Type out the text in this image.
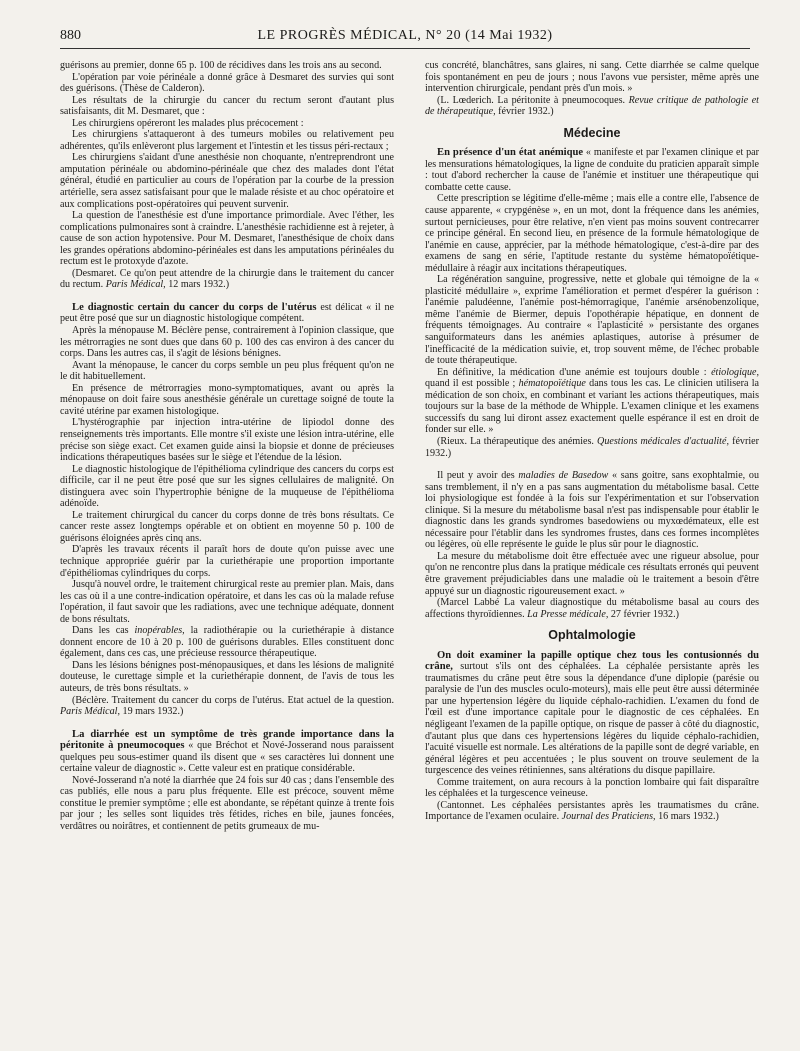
880	LE PROGRÈS MÉDICAL, N° 20 (14 Mai 1932)

guérisons au premier, donne 65 p. 100 de récidives dans les trois ans au second.

L'opération par voie périnéale a donné grâce à Desmaret des survies qui sont des guérisons. (Thèse de Calderon).

Les résultats de la chirurgie du cancer du rectum seront d'autant plus satisfaisants, dit M. Desmaret, que :

Les chirurgiens opéreront les malades plus précocement :

Les chirurgiens s'attaqueront à des tumeurs mobiles ou relativement peu adhérentes, qu'ils enlèveront plus largement et l'intestin et les tissus péri-rectaux ;

Les chirurgiens s'aidant d'une anesthésie non choquante, n'entreprendront une amputation périnéale ou abdomino-périnéale que chez des malades dont l'état général, étudié en particulier au cours de l'opération par la courbe de la pression artérielle, sera assez satisfaisant pour que le malade résiste et au choc opératoire et aux complications post-opératoires qui peuvent survenir.

La question de l'anesthésie est d'une importance primordiale. Avec l'éther, les complications pulmonaires sont à craindre. L'anesthésie rachidienne est à rejeter, à cause de son action hypotensive. Pour M. Desmaret, l'anesthésique de choix dans les grandes opérations abdomino-périnéales est dans les amputations périnéales du rectum est le protoxyde d'azote.

(Desmaret. Ce qu'on peut attendre de la chirurgie dans le traitement du cancer du rectum. Paris Médical, 12 mars 1932.)

Le diagnostic certain du cancer du corps de l'utérus est délicat « il ne peut être posé que sur un diagnostic histologique compétent.

Après la ménopause M. Béclère pense, contrairement à l'opinion classique, que les métrorragies ne sont dues que dans 60 p. 100 des cas environ à des cancer du corps. Dans les autres cas, il s'agit de lésions bénignes.

Avant la ménopause, le cancer du corps semble un peu plus fréquent qu'on ne le dit habituellement.

En présence de métrorragies mono-symptomatiques, avant ou après la ménopause on doit faire sous anesthésie générale un curettage soigné de toute la cavité utérine par examen histologique.

L'hystérographie par injection intra-utérine de lipiodol donne des renseignements très importants. Elle montre s'il existe une lésion intra-utérine, elle précise son siège exact. Cet examen guide ainsi la biopsie et donne de précieuses indications thérapeutiques basées sur le siège et l'étendue de la lésion.

Le diagnostic histologique de l'épithélioma cylindrique des cancers du corps est difficile, car il ne peut être posé que sur les signes cellulaires de malignité. On distinguera avec soin l'hypertrophie bénigne de la muqueuse de l'épithélioma adénoïde.

Le traitement chirurgical du cancer du corps donne de très bons résultats. Ce cancer reste assez longtemps opérable et on obtient en moyenne 50 p. 100 de guérisons éloignées après cinq ans.

D'après les travaux récents il paraît hors de doute qu'on puisse avec une technique appropriée guérir par la curiethérapie une proportion importante d'épithéliomas cylindriques du corps.

Jusqu'à nouvel ordre, le traitement chirurgical reste au premier plan. Mais, dans les cas où il a une contre-indication opératoire, et dans les cas où la malade refuse l'opération, il faut savoir que les radiations, avec une technique adéquate, donnent de bons résultats.

Dans les cas inopérables, la radiothérapie ou la curiethérapie à distance donnent encore de 10 à 20 p. 100 de guérisons durables. Elles constituent donc également, dans ces cas, une précieuse ressource thérapeutique.

Dans les lésions bénignes post-ménopausiques, et dans les lésions de malignité douteuse, le curettage simple et la curiethérapie donnent, de l'avis de tous les auteurs, de très bons résultats. »

(Béclère. Traitement du cancer du corps de l'utérus. Etat actuel de la question. Paris Médical, 19 mars 1932.)

La diarrhée est un symptôme de très grande importance dans la péritonite à pneumocoques « que Bréchot et Nové-Josserand nous paraissent quelques peu sous-estimer quand ils disent que « ses caractères lui donnent une certaine valeur de diagnostic ». Cette valeur est en pratique considérable.

Nové-Josserand n'a noté la diarrhée que 24 fois sur 40 cas ; dans l'ensemble des cas publiés, elle nous a paru plus fréquente. Elle est précoce, souvent même constitue le premier symptôme ; elle est abondante, se répétant quinze à trente fois par jour ; les selles sont liquides très fétides, riches en bile, jaunes foncées, verdâtres ou noirâtres, et contiennent de petits grumeaux de mu-

cus concrété, blanchâtres, sans glaires, ni sang. Cette diarrhée se calme quelque fois spontanément en peu de jours ; nous l'avons vue persister, même après une intervention chirurgicale, pendant près d'un mois. »

(L. Lœderich. La péritonite à pneumocoques. Revue critique de pathologie et de thérapeutique, février 1932.)

Médecine

En présence d'un état anémique « manifeste et par l'examen clinique et par les mensurations hématologiques, la ligne de conduite du praticien apparaît simple : tout d'abord rechercher la cause de l'anémie et instituer une thérapeutique qui combatte cette cause.

Cette prescription se légitime d'elle-même ; mais elle a contre elle, l'absence de cause apparente, « crypgénèse », en un mot, dont la fréquence dans les anémies, surtout pernicieuses, pour être relative, n'en vient pas moins souvent contrecarrer ce principe général. En second lieu, en présence de la formule hématologique de l'anémie en cause, apprécier, par la méthode hématologique, c'est-à-dire par des examens de sang en série, l'aptitude restante du système hématopoïétique-médullaire à réagir aux incitations thérapeutiques.

La régénération sanguine, progressive, nette et globale qui témoigne de la « plasticité médullaire », exprime l'amélioration et permet d'espérer la guérison : l'anémie paludéenne, l'anémie post-hémorragique, l'anémie arsénobenzolique, même l'anémie de Biermer, depuis l'opothérapie hépatique, en donnent de fréquents témoignages. Au contraire « l'aplasticité » persistante des organes sanguiformateurs dans les anémies aplastiques, autorise à présumer de l'inefficacité de la médication suivie, et, trop souvent même, de l'échec probable de toute thérapeutique.

En définitive, la médication d'une anémie est toujours double : étiologique, quand il est possible ; hématopoïétique dans tous les cas. Le clinicien utilisera la médication de son choix, en combinant et variant les actions thérapeutiques, mais toujours sur la base de la méthode de Whipple. L'examen clinique et les examens successifs du sang lui diront assez exactement quelle espérance il est en droit de fonder sur elle. »

(Rieux. La thérapeutique des anémies. Questions médicales d'actualité, février 1932.)

Il peut y avoir des maladies de Basedow « sans goitre, sans exophtalmie, ou sans tremblement, il n'y en a pas sans augmentation du métabolisme basal. Cette loi physiologique est fondée à la fois sur l'expérimentation et sur l'observation clinique. Si la mesure du métabolisme basal n'est pas indispensable pour établir le diagnostic dans les grands syndromes basedowiens ou myxœdémateux, elle est nécessaire pour l'établir dans les syndromes frustes, dans ces formes incomplètes ou légères, où elle représente le guide le plus sûr pour le diagnostic.

La mesure du métabolisme doit être effectuée avec une rigueur absolue, pour qu'on ne rencontre plus dans la pratique médicale ces résultats erronés qui peuvent être gravement préjudiciables dans une maladie où le traitement a besoin d'être appuyé sur un diagnostic rigoureusement exact. »

(Marcel Labbé La valeur diagnostique du métabolisme basal au cours des affections thyroïdiennes. La Presse médicale, 27 février 1932.)

Ophtalmologie

On doit examiner la papille optique chez tous les contusionnés du crâne, surtout s'ils ont des céphalées. La céphalée persistante après les traumatismes du crâne peut être sous la dépendance d'une diplopie (parésie ou paralysie de l'un des muscles oculo-moteurs), mais elle peut être aussi déterminée par une hypertension légère du liquide céphalo-rachidien. L'examen du fond de l'œil est d'une importance capitale pour le diagnostic de ces céphalées. En négligeant l'examen de la papille optique, on risque de passer à côté du diagnostic, d'autant plus que dans ces hypertensions légères du liquide céphalo-rachidien, l'acuité visuelle est normale. Les altérations de la papille sont de degré variable, en général légères et peu accentuées ; le plus souvent on trouve seulement de la turgescence des veines rétiniennes, sans altérations du disque papillaire.

Comme traitement, on aura recours à la ponction lombaire qui fait disparaître les céphalées et la turgescence veineuse.

(Cantonnet. Les céphalées persistantes après les traumatismes du crâne. Importance de l'examen oculaire. Journal des Praticiens, 16 mars 1932.)
